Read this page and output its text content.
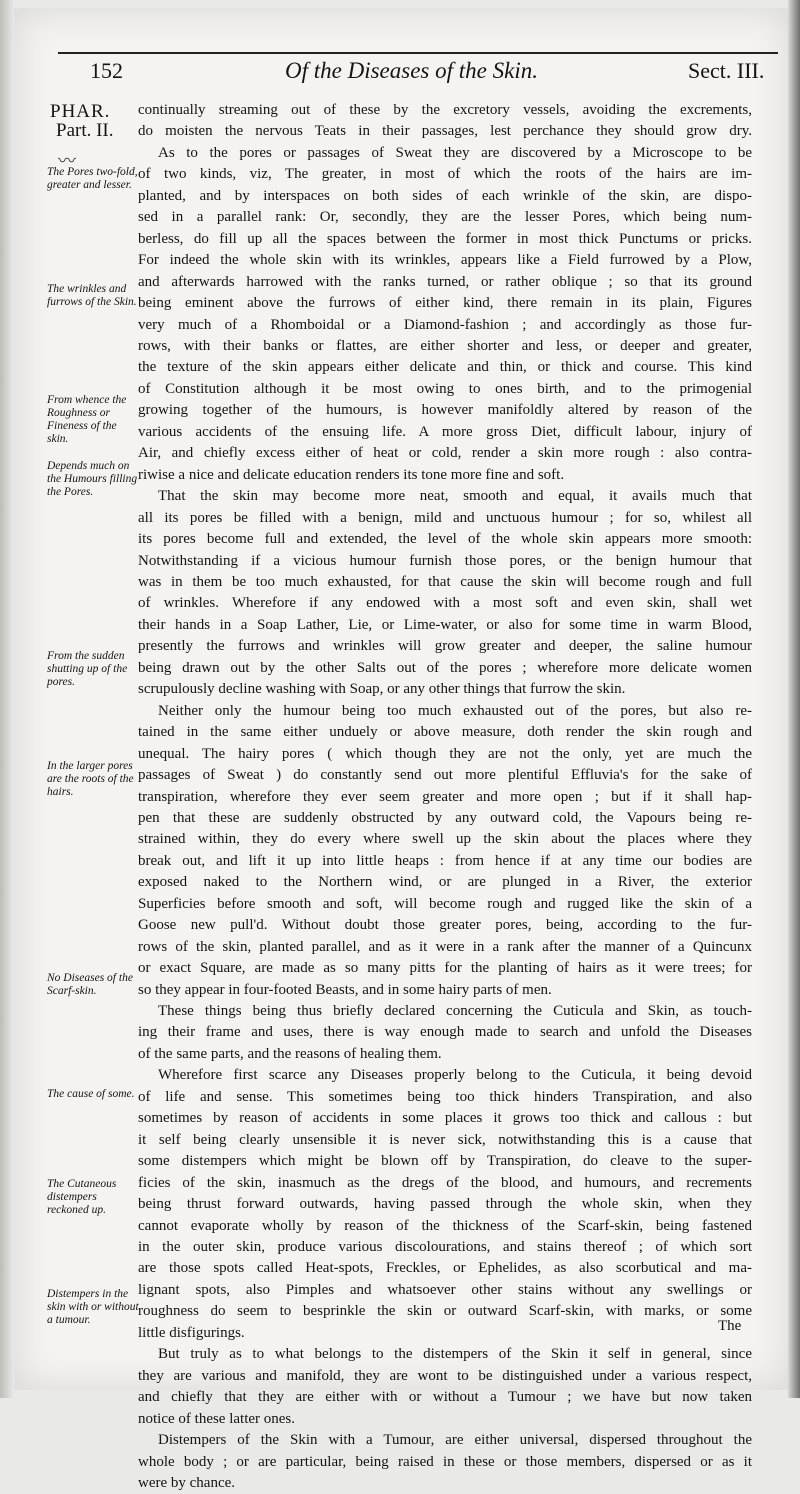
152	Of the Diseases of the Skin.	Sect. III.
PHAR.
Part. II.
〰
The Pores two-fold, greater and lesser.
The wrinkles and furrows of the Skin.
From whence the Roughness or Fineness of the skin.
Depends much on the Humours filling the Pores.
From the sudden shutting up of the pores.
In the larger pores are the roots of the hairs.
No Diseases of the Scarf-skin.
The cause of some.
The Cutaneous distempers reckoned up.
Distempers in the skin with or without a tumour.
continually streaming out of these by the excretory vessels, avoiding the excrements,
do moisten the nervous Teats in their passages, lest perchance they should grow dry.
As to the pores or passages of Sweat they are discovered by a Microscope to be
of two kinds, viz, The greater, in most of which the roots of the hairs are im-
planted, and by interspaces on both sides of each wrinkle of the skin, are dispo-
sed in a parallel rank: Or, secondly, they are the lesser Pores, which being num-
berless, do fill up all the spaces between the former in most thick Punctums or pricks.
For indeed the whole skin with its wrinkles, appears like a Field furrowed by a Plow,
and afterwards harrowed with the ranks turned, or rather oblique ; so that its ground
being eminent above the furrows of either kind, there remain in its plain, Figures
very much of a Rhomboidal or a Diamond-fashion ; and accordingly as those fur-
rows, with their banks or flattes, are either shorter and less, or deeper and greater,
the texture of the skin appears either delicate and thin, or thick and course. This kind
of Constitution although it be most owing to ones birth, and to the primogenial
growing together of the humours, is however manifoldly altered by reason of the
various accidents of the ensuing life. A more gross Diet, difficult labour, injury of
Air, and chiefly excess either of heat or cold, render a skin more rough : also contra-
riwise a nice and delicate education renders its tone more fine and soft.
That the skin may become more neat, smooth and equal, it avails much that
all its pores be filled with a benign, mild and unctuous humour ; for so, whilest all
its pores become full and extended, the level of the whole skin appears more smooth:
Notwithstanding if a vicious humour furnish those pores, or the benign humour that
was in them be too much exhausted, for that cause the skin will become rough and full
of wrinkles. Wherefore if any endowed with a most soft and even skin, shall wet
their hands in a Soap Lather, Lie, or Lime-water, or also for some time in warm Blood,
presently the furrows and wrinkles will grow greater and deeper, the saline humour
being drawn out by the other Salts out of the pores ; wherefore more delicate women
scrupulously decline washing with Soap, or any other things that furrow the skin.
Neither only the humour being too much exhausted out of the pores, but also re-
tained in the same either unduely or above measure, doth render the skin rough and
unequal. The hairy pores ( which though they are not the only, yet are much the
passages of Sweat ) do constantly send out more plentiful Effluvia's for the sake of
transpiration, wherefore they ever seem greater and more open ; but if it shall hap-
pen that these are suddenly obstructed by any outward cold, the Vapours being re-
strained within, they do every where swell up the skin about the places where they
break out, and lift it up into little heaps : from hence if at any time our bodies are
exposed naked to the Northern wind, or are plunged in a River, the exterior
Superficies before smooth and soft, will become rough and rugged like the skin of a
Goose new pull'd. Without doubt those greater pores, being, according to the fur-
rows of the skin, planted parallel, and as it were in a rank after the manner of a Quincunx
or exact Square, are made as so many pitts for the planting of hairs as it were trees; for
so they appear in four-footed Beasts, and in some hairy parts of men.
These things being thus briefly declared concerning the Cuticula and Skin, as touch-
ing their frame and uses, there is way enough made to search and unfold the Diseases
of the same parts, and the reasons of healing them.
Wherefore first scarce any Diseases properly belong to the Cuticula, it being devoid
of life and sense. This sometimes being too thick hinders Transpiration, and also
sometimes by reason of accidents in some places it grows too thick and callous : but
it self being clearly unsensible it is never sick, notwithstanding this is a cause that
some distempers which might be blown off by Transpiration, do cleave to the super-
ficies of the skin, inasmuch as the dregs of the blood, and humours, and recrements
being thrust forward outwards, having passed through the whole skin, when they
cannot evaporate wholly by reason of the thickness of the Scarf-skin, being fastened
in the outer skin, produce various discolourations, and stains thereof ; of which sort
are those spots called Heat-spots, Freckles, or Ephelides, as also scorbutical and ma-
lignant spots, also Pimples and whatsoever other stains without any swellings or
roughness do seem to besprinkle the skin or outward Scarf-skin, with marks, or some
little disfigurings.
But truly as to what belongs to the distempers of the Skin it self in general, since
they are various and manifold, they are wont to be distinguished under a various respect,
and chiefly that they are either with or without a Tumour ; we have but now taken
notice of these latter ones.
Distempers of the Skin with a Tumour, are either universal, dispersed throughout the
whole body ; or are particular, being raised in these or those members, dispersed or as it
were by chance.
The
